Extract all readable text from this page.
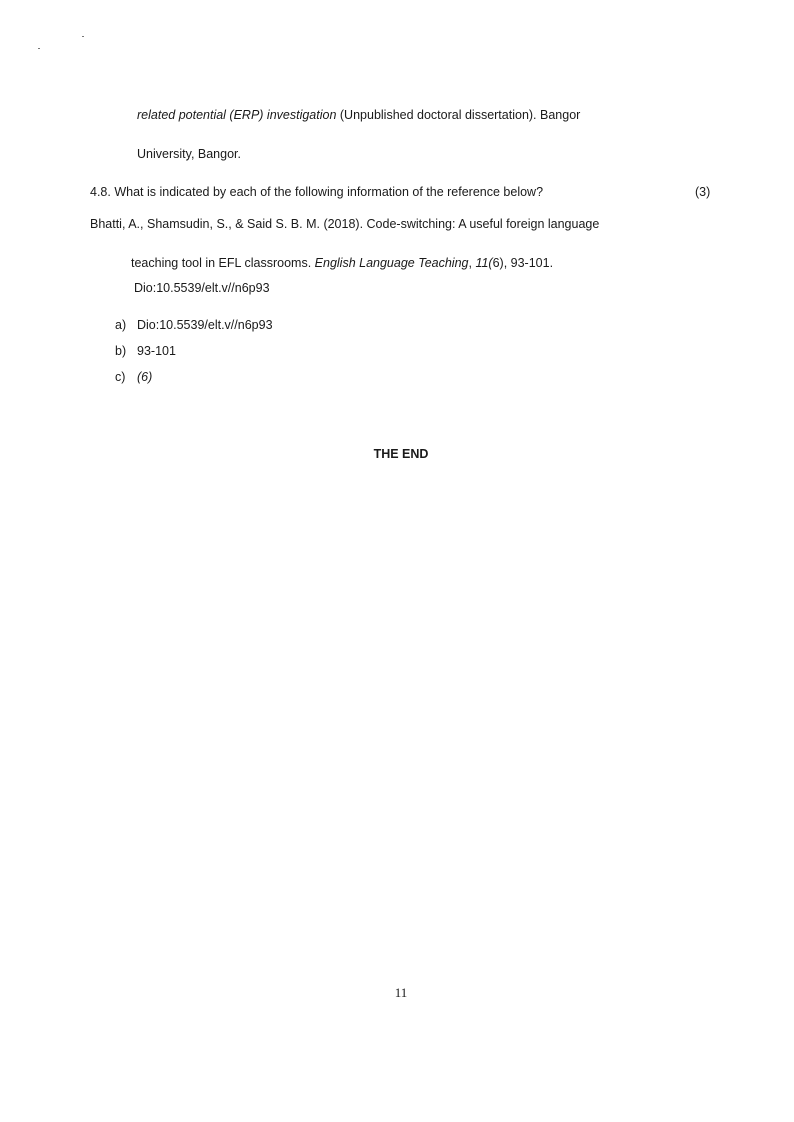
related potential (ERP) investigation (Unpublished doctoral dissertation). Bangor
University, Bangor.
4.8. What is indicated by each of the following information of the reference below?	(3)
Bhatti, A., Shamsudin, S., & Said S. B. M. (2018). Code-switching: A useful foreign language
teaching tool in EFL classrooms. English Language Teaching, 11(6), 93-101.
Dio:10.5539/elt.v//n6p93
a) Dio:10.5539/elt.v//n6p93
b) 93-101
c) (6)
THE END
11
